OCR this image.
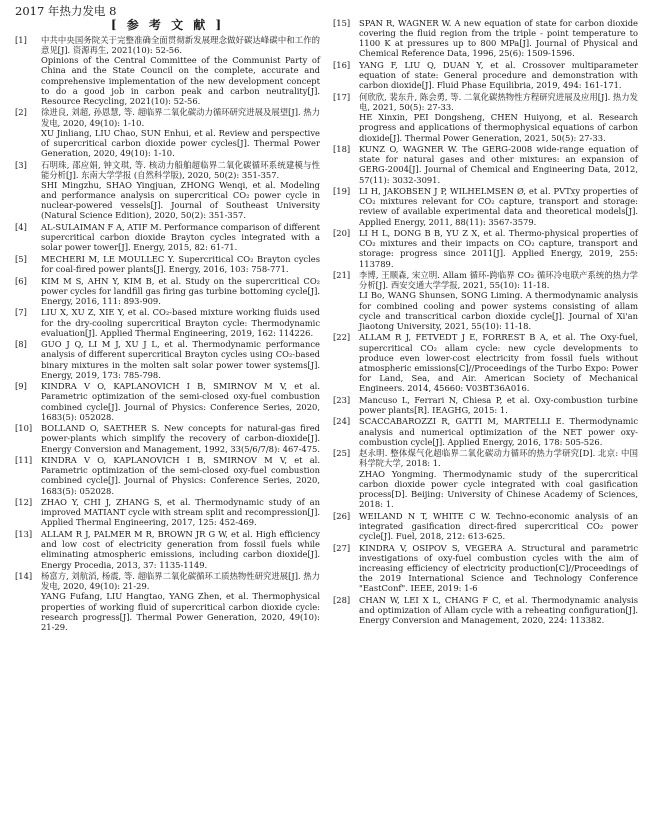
2017 年热力发电 8
[ 参 考 文 献 ]
[1]	中共中央国务院关于完整准确全面贯彻新发展理念做好碳达峰碳中和工作的意见[J]. 资源再生, 2021(10): 52-56.
Opinions of the Central Committee of the Communist Party of China and the State Council on the complete, accurate and comprehensive implementation of the new development concept to do a good job in carbon peak and carbon neutrality[J]. Resource Recycling, 2021(10): 52-56.
[2]	徐进良, 刘超, 孙恩慧, 等. 超临界二氧化碳动力循环研究进展及展望[J]. 热力发电, 2020, 49(10): 1-10.
XU Jinliang, LIU Chao, SUN Enhui, et al. Review and perspective of supercritical carbon dioxide power cycles[J]. Thermal Power Generation, 2020, 49(10): 1-10.
[3]	石明珠, 邵应娟, 钟文琪, 等. 核动力船舶超临界二氧化碳循环系统建模与性能分析[J]. 东南大学学报 (自然科学版), 2020, 50(2): 351-357.
SHI Mingzhu, SHAO Yingjuan, ZHONG Wenqi, et al. Modeling and performance analysis on supercritical CO₂ power cycle in nuclear-powered vessels[J]. Journal of Southeast University (Natural Science Edition), 2020, 50(2): 351-357.
[4]	AL-SULAIMAN F A, ATIF M. Performance comparison of different supercritical carbon dioxide Brayton cycles integrated with a solar power tower[J]. Energy, 2015, 82: 61-71.
[5]	MECHERI M, LE MOULLEC Y. Supercritical CO₂ Brayton cycles for coal-fired power plants[J]. Energy, 2016, 103: 758-771.
[6]	KIM M S, AHN Y, KIM B, et al. Study on the supercritical CO₂ power cycles for landfill gas firing gas turbine bottoming cycle[J]. Energy, 2016, 111: 893-909.
[7]	LIU X, XU Z, XIE Y, et al. CO₂-based mixture working fluids used for the dry-cooling supercritical Brayton cycle: Thermodynamic evaluation[J]. Applied Thermal Engineering, 2019, 162: 114226.
[8]	GUO J Q, LI M J, XU J L, et al. Thermodynamic performance analysis of different supercritical Brayton cycles using CO₂-based binary mixtures in the molten salt solar power tower systems[J]. Energy, 2019, 173: 785-798.
[9]	KINDRA V O, KAPLANOVICH I B, SMIRNOV M V, et al. Parametric optimization of the semi-closed oxy-fuel combustion combined cycle[J]. Journal of Physics: Conference Series, 2020, 1683(5): 052028.
[10]	BOLLAND O, SAETHER S. New concepts for natural-gas fired power-plants which simplify the recovery of carbon-dioxide[J]. Energy Conversion and Management, 1992, 33(5/6/7/8): 467-475.
[11]	KINDRA V O, KAPLANOVICH I B, SMIRNOV M V, et al. Parametric optimization of the semi-closed oxy-fuel combustion combined cycle[J]. Journal of Physics: Conference Series, 2020, 1683(5): 052028.
[12]	ZHAO Y, CHI J, ZHANG S, et al. Thermodynamic study of an improved MATIANT cycle with stream split and recompression[J]. Applied Thermal Engineering, 2017, 125: 452-469.
[13]	ALLAM R J, PALMER M R, BROWN JR G W, et al. High efficiency and low cost of electricity generation from fossil fuels while eliminating atmospheric emissions, including carbon dioxide[J]. Energy Procedia, 2013, 37: 1135-1149.
[14]	杨富方, 刘航滔, 杨震, 等. 超临界二氧化碳循环工质热物性研究进展[J]. 热力发电, 2020, 49(10): 21-29.
YANG Fufang, LIU Hangtao, YANG Zhen, et al. Thermophysical properties of working fluid of supercritical carbon dioxide cycle: research progress[J]. Thermal Power Generation, 2020, 49(10): 21-29.
[15]	SPAN R, WAGNER W. A new equation of state for carbon dioxide covering the fluid region from the triple - point temperature to 1100 K at pressures up to 800 MPa[J]. Journal of Physical and Chemical Reference Data, 1996, 25(6): 1509-1596.
[16]	YANG F, LIU Q, DUAN Y, et al. Crossover multiparameter equation of state: General procedure and demonstration with carbon dioxide[J]. Fluid Phase Equilibria, 2019, 494: 161-171.
[17]	何欣欣, 裴东升, 陈会勇, 等. 二氧化碳热物性方程研究进展及应用[J]. 热力发电, 2021, 50(5): 27-33.
HE Xinxin, PEI Dongsheng, CHEN Huiyong, et al. Research progress and applications of thermophysical equations of carbon dioxide[J]. Thermal Power Generation, 2021, 50(5): 27-33.
[18]	KUNZ O, WAGNER W. The GERG-2008 wide-range equation of state for natural gases and other mixtures: an expansion of GERG-2004[J]. Journal of Chemical and Engineering Data, 2012, 57(11): 3032-3091.
[19]	LI H, JAKOBSEN J P, WILHELMSEN Ø, et al. PVTxy properties of CO₂ mixtures relevant for CO₂ capture, transport and storage: review of available experimental data and theoretical models[J]. Applied Energy, 2011, 88(11): 3567-3579.
[20]	LI H L, DONG B B, YU Z X, et al. Thermo-physical properties of CO₂ mixtures and their impacts on CO₂ capture, transport and storage: progress since 2011[J]. Applied Energy, 2019, 255: 113789.
[21]	李博, 王顺森, 宋立明. Allam 循环-跨临界 CO₂ 循环冷电联产系统的热力学分析[J]. 西安交通大学学报, 2021, 55(10): 11-18.
LI Bo, WANG Shunsen, SONG Liming. A thermodynamic analysis for combined cooling and power systems consisting of allam cycle and transcritical carbon dioxide cycle[J]. Journal of Xi'an Jiaotong University, 2021, 55(10): 11-18.
[22]	ALLAM R J, FETVEDT J E, FORREST B A, et al. The Oxy-fuel, supercritical CO₂ allam cycle: new cycle developments to produce even lower-cost electricity from fossil fuels without atmospheric emissions[C]//Proceedings of the Turbo Expo: Power for Land, Sea, and Air. American Society of Mechanical Engineers. 2014, 45660: V03BT36A016.
[23]	Mancuso L, Ferrari N, Chiesa P, et al. Oxy-combustion turbine power plants[R]. IEAGHG, 2015: 1.
[24]	SCACCABAROZZI R, GATTI M, MARTELLI E. Thermodynamic analysis and numerical optimization of the NET power oxy-combustion cycle[J]. Applied Energy, 2016, 178: 505-526.
[25]	赵永明. 整体煤气化超临界二氧化碳动力循环的热力学研究[D]. 北京: 中国科学院大学, 2018: 1.
ZHAO Yongming. Thermodynamic study of the supercritical carbon dioxide power cycle integrated with coal gasification process[D]. Beijing: University of Chinese Academy of Sciences, 2018: 1.
[26]	WEILAND N T, WHITE C W. Techno-economic analysis of an integrated gasification direct-fired supercritical CO₂ power cycle[J]. Fuel, 2018, 212: 613-625.
[27]	KINDRA V, OSIPOV S, VEGERA A. Structural and parametric investigations of oxy-fuel combustion cycles with the aim of increasing efficiency of electricity production[C]//Proceedings of the 2019 International Science and Technology Conference "EastConf". IEEE, 2019: 1-6
[28]	CHAN W, LEI X L, CHANG F C, et al. Thermodynamic analysis and optimization of Allam cycle with a reheating configuration[J]. Energy Conversion and Management, 2020, 224: 113382.
